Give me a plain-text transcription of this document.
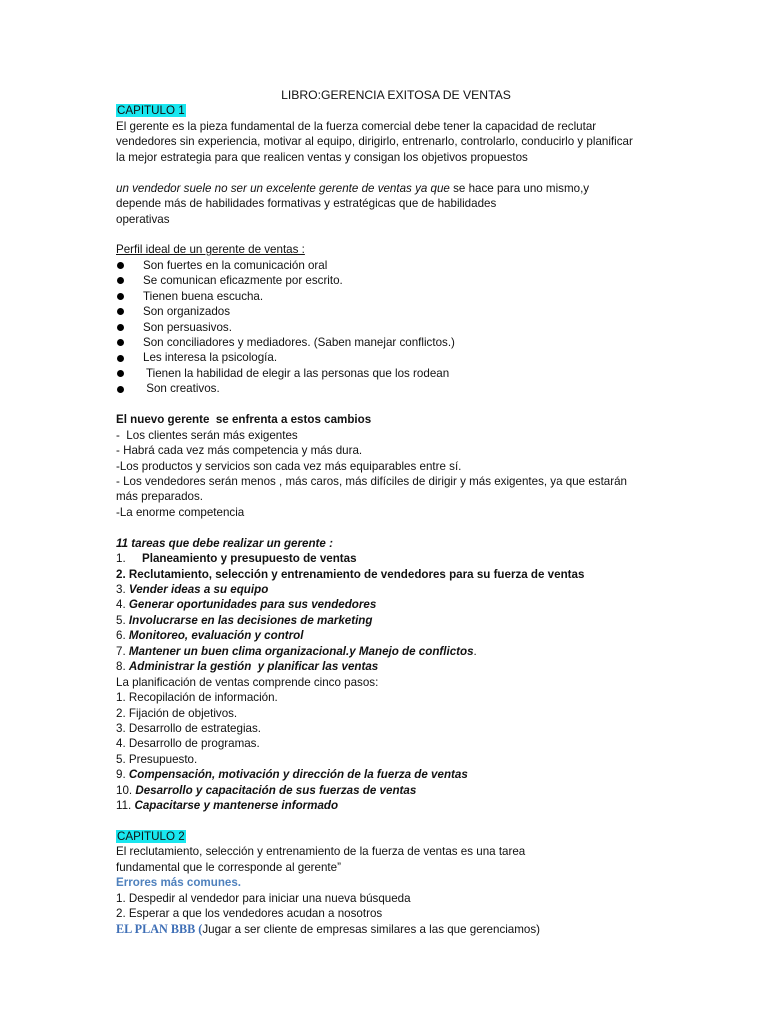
LIBRO:GERENCIA EXITOSA DE VENTAS
CAPITULO 1
El gerente es la pieza fundamental de la fuerza comercial debe tener la capacidad de reclutar
vendedores sin experiencia, motivar al equipo, dirigirlo, entrenarlo, controlarlo, conducirlo y planificar
la mejor estrategia para que realicen ventas y consigan los objetivos propuestos
un vendedor suele no ser un excelente gerente de ventas ya que se hace para uno mismo,y
depende más de habilidades formativas y estratégicas que de habilidades
operativas
Perfil ideal de un gerente de ventas :
Son fuertes en la comunicación oral
Se comunican eficazmente por escrito.
Tienen buena escucha.
Son organizados
Son persuasivos.
Son conciliadores y mediadores. (Saben manejar conflictos.)
Les interesa la psicología.
Tienen la habilidad de elegir a las personas que los rodean
Son creativos.
El nuevo gerente  se enfrenta a estos cambios
-  Los clientes serán más exigentes
- Habrá cada vez más competencia y más dura.
-Los productos y servicios son cada vez más equiparables entre sí.
- Los vendedores serán menos , más caros, más difíciles de dirigir y más exigentes, ya que estarán
más preparados.
-La enorme competencia
11 tareas que debe realizar un gerente :
1. Planeamiento y presupuesto de ventas
2. Reclutamiento, selección y entrenamiento de vendedores para su fuerza de ventas
3. Vender ideas a su equipo
4. Generar oportunidades para sus vendedores
5. Involucrarse en las decisiones de marketing
6. Monitoreo, evaluación y control
7. Mantener un buen clima organizacional.y Manejo de conflictos.
8. Administrar la gestión  y planificar las ventas
La planificación de ventas comprende cinco pasos:
1. Recopilación de información.
2. Fijación de objetivos.
3. Desarrollo de estrategias.
4. Desarrollo de programas.
5. Presupuesto.
9. Compensación, motivación y dirección de la fuerza de ventas
10. Desarrollo y capacitación de sus fuerzas de ventas
11. Capacitarse y mantenerse informado
CAPITULO 2
El reclutamiento, selección y entrenamiento de la fuerza de ventas es una tarea
fundamental que le corresponde al gerente”
Errores más comunes.
1. Despedir al vendedor para iniciar una nueva búsqueda
2. Esperar a que los vendedores acudan a nosotros
EL PLAN BBB (Jugar a ser cliente de empresas similares a las que gerenciamos)
